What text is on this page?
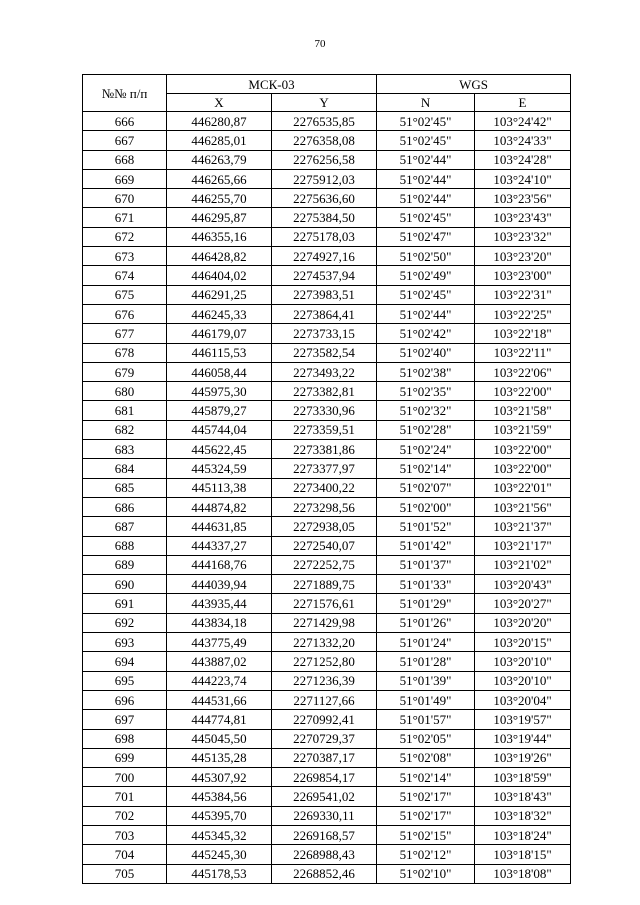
70
№№ п/п	МСК-03		WGS	
	X	Y	N	E
666	446280,87	2276535,85	51°02'45"	103°24'42"
667	446285,01	2276358,08	51°02'45"	103°24'33"
668	446263,79	2276256,58	51°02'44"	103°24'28"
669	446265,66	2275912,03	51°02'44"	103°24'10"
670	446255,70	2275636,60	51°02'44"	103°23'56"
671	446295,87	2275384,50	51°02'45"	103°23'43"
672	446355,16	2275178,03	51°02'47"	103°23'32"
673	446428,82	2274927,16	51°02'50"	103°23'20"
674	446404,02	2274537,94	51°02'49"	103°23'00"
675	446291,25	2273983,51	51°02'45"	103°22'31"
676	446245,33	2273864,41	51°02'44"	103°22'25"
677	446179,07	2273733,15	51°02'42"	103°22'18"
678	446115,53	2273582,54	51°02'40"	103°22'11"
679	446058,44	2273493,22	51°02'38"	103°22'06"
680	445975,30	2273382,81	51°02'35"	103°22'00"
681	445879,27	2273330,96	51°02'32"	103°21'58"
682	445744,04	2273359,51	51°02'28"	103°21'59"
683	445622,45	2273381,86	51°02'24"	103°22'00"
684	445324,59	2273377,97	51°02'14"	103°22'00"
685	445113,38	2273400,22	51°02'07"	103°22'01"
686	444874,82	2273298,56	51°02'00"	103°21'56"
687	444631,85	2272938,05	51°01'52"	103°21'37"
688	444337,27	2272540,07	51°01'42"	103°21'17"
689	444168,76	2272252,75	51°01'37"	103°21'02"
690	444039,94	2271889,75	51°01'33"	103°20'43"
691	443935,44	2271576,61	51°01'29"	103°20'27"
692	443834,18	2271429,98	51°01'26"	103°20'20"
693	443775,49	2271332,20	51°01'24"	103°20'15"
694	443887,02	2271252,80	51°01'28"	103°20'10"
695	444223,74	2271236,39	51°01'39"	103°20'10"
696	444531,66	2271127,66	51°01'49"	103°20'04"
697	444774,81	2270992,41	51°01'57"	103°19'57"
698	445045,50	2270729,37	51°02'05"	103°19'44"
699	445135,28	2270387,17	51°02'08"	103°19'26"
700	445307,92	2269854,17	51°02'14"	103°18'59"
701	445384,56	2269541,02	51°02'17"	103°18'43"
702	445395,70	2269330,11	51°02'17"	103°18'32"
703	445345,32	2269168,57	51°02'15"	103°18'24"
704	445245,30	2268988,43	51°02'12"	103°18'15"
705	445178,53	2268852,46	51°02'10"	103°18'08"
